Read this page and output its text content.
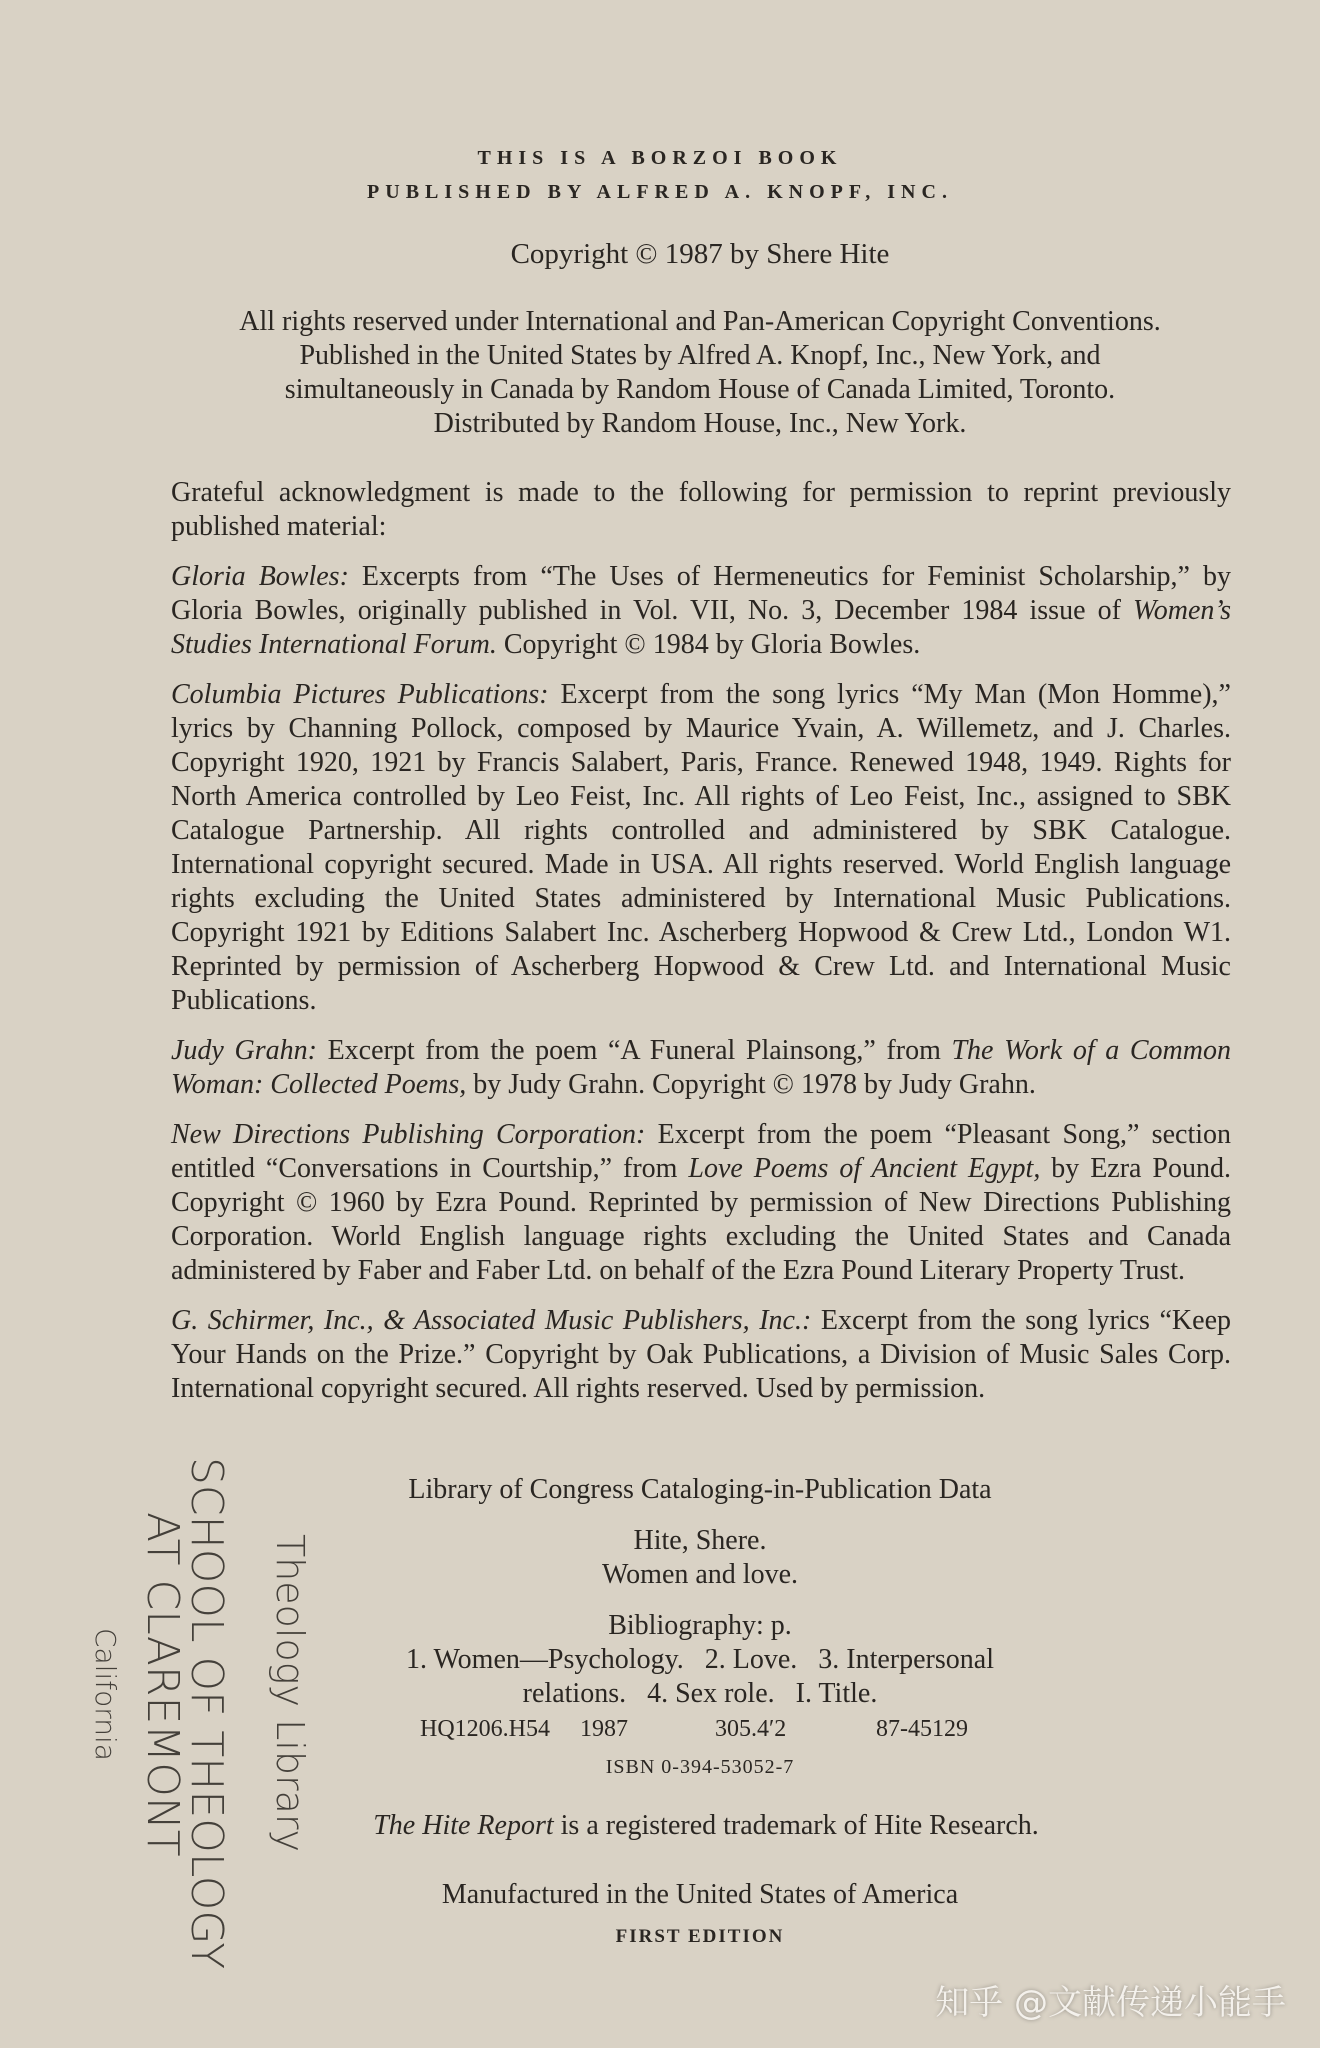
THIS IS A BORZOI BOOK
PUBLISHED BY ALFRED A. KNOPF, INC.
Copyright © 1987 by Shere Hite
All rights reserved under International and Pan-American Copyright Conventions.
Published in the United States by Alfred A. Knopf, Inc., New York, and
simultaneously in Canada by Random House of Canada Limited, Toronto.
Distributed by Random House, Inc., New York.
Grateful acknowledgment is made to the following for permission to reprint previously published material:
Gloria Bowles: Excerpts from “The Uses of Hermeneutics for Feminist Scholarship,” by Gloria Bowles, originally published in Vol. VII, No. 3, December 1984 issue of Women’s Studies International Forum. Copyright © 1984 by Gloria Bowles.
Columbia Pictures Publications: Excerpt from the song lyrics “My Man (Mon Homme),” lyrics by Channing Pollock, composed by Maurice Yvain, A. Willemetz, and J. Charles. Copyright 1920, 1921 by Francis Salabert, Paris, France. Renewed 1948, 1949. Rights for North America controlled by Leo Feist, Inc. All rights of Leo Feist, Inc., assigned to SBK Catalogue Partnership. All rights controlled and administered by SBK Catalogue. International copyright secured. Made in USA. All rights reserved. World English language rights excluding the United States administered by International Music Publications. Copyright 1921 by Editions Salabert Inc. Ascherberg Hopwood & Crew Ltd., London W1. Reprinted by permission of Ascherberg Hopwood & Crew Ltd. and International Music Publications.
Judy Grahn: Excerpt from the poem “A Funeral Plainsong,” from The Work of a Common Woman: Collected Poems, by Judy Grahn. Copyright © 1978 by Judy Grahn.
New Directions Publishing Corporation: Excerpt from the poem “Pleasant Song,” section entitled “Conversations in Courtship,” from Love Poems of Ancient Egypt, by Ezra Pound. Copyright © 1960 by Ezra Pound. Reprinted by permission of New Directions Publishing Corporation. World English language rights excluding the United States and Canada administered by Faber and Faber Ltd. on behalf of the Ezra Pound Literary Property Trust.
G. Schirmer, Inc., & Associated Music Publishers, Inc.: Excerpt from the song lyrics “Keep Your Hands on the Prize.” Copyright by Oak Publications, a Division of Music Sales Corp. International copyright secured. All rights reserved. Used by permission.
Library of Congress Cataloging-in-Publication Data
Hite, Shere.
Women and love.
Bibliography: p.
1. Women—Psychology.   2. Love.   3. Interpersonal
relations.   4. Sex role.   I. Title.
HQ1206.H54 1987	305.4′2	87-45129
ISBN 0-394-53052-7
The Hite Report is a registered trademark of Hite Research.
Manufactured in the United States of America
FIRST EDITION
SCHOOL OF THEOLOGY
AT CLAREMONT
California	Theology Library
知乎 @文献传递小能手
